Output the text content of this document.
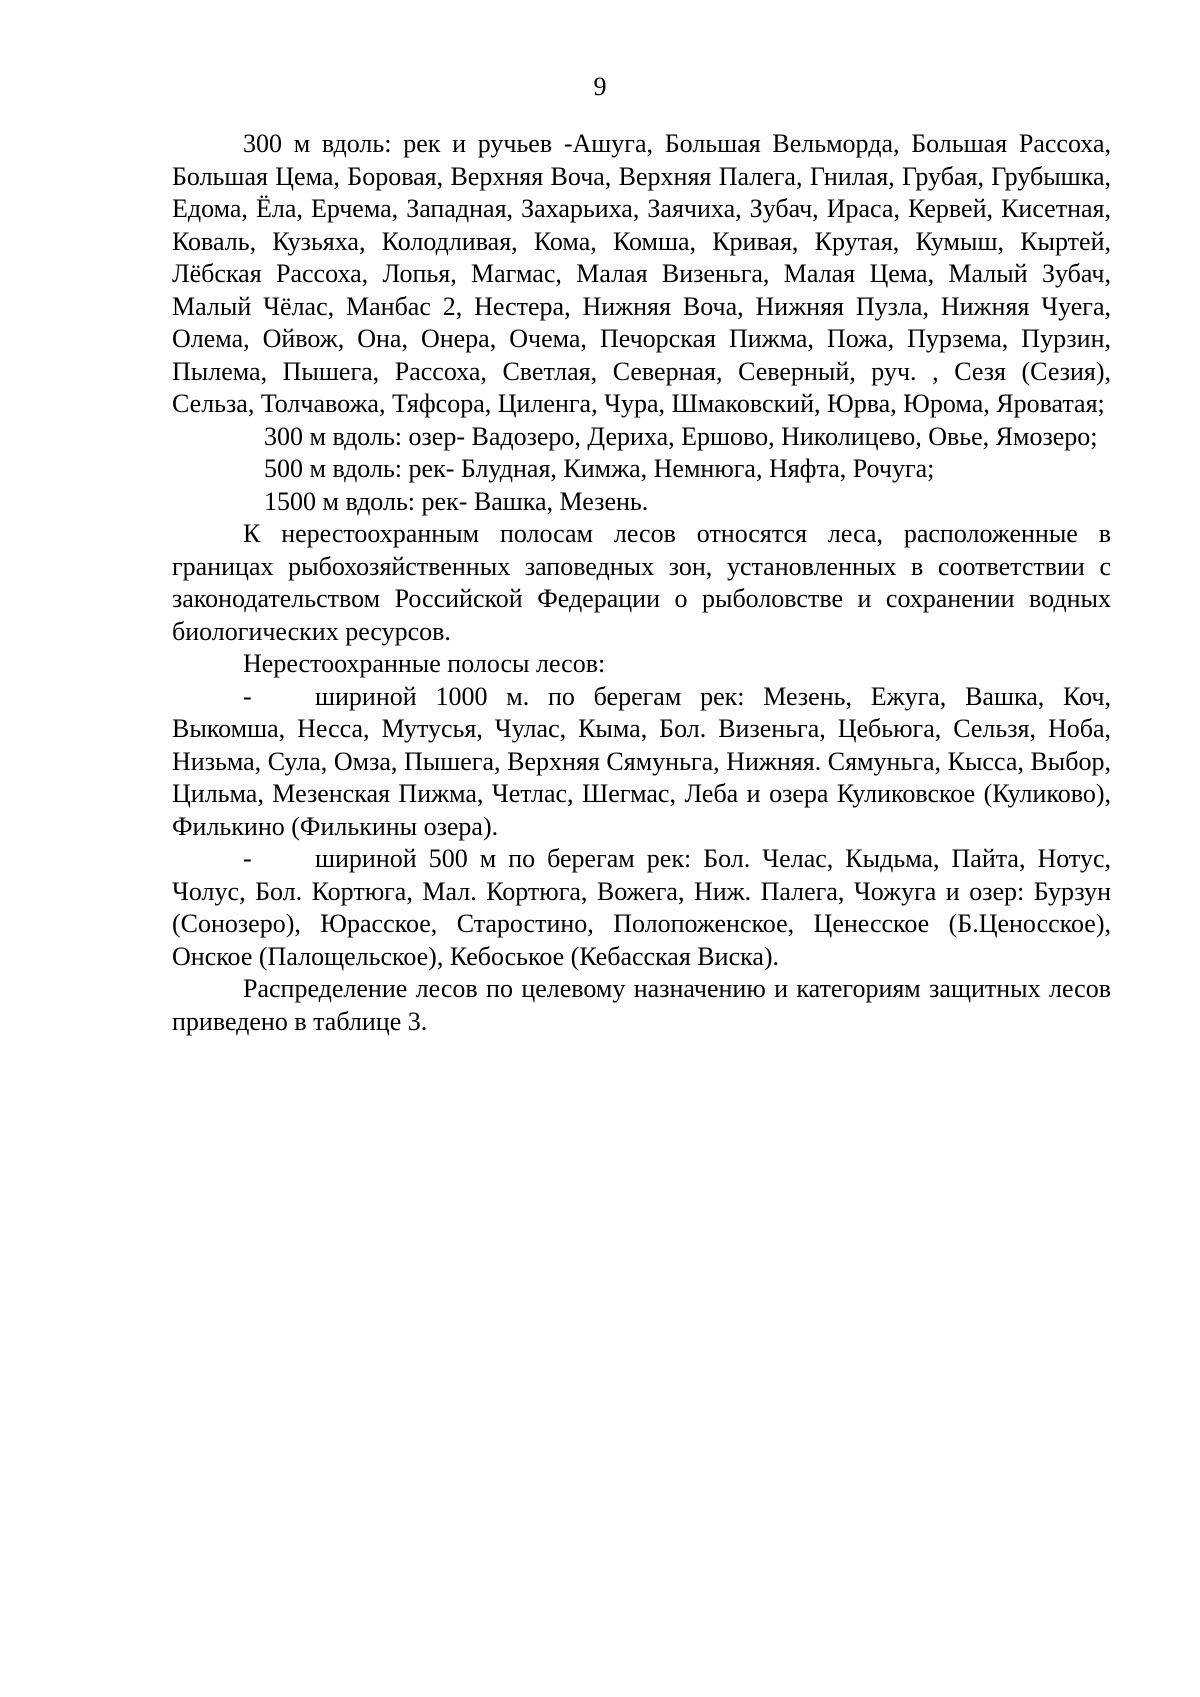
9

300 м вдоль: рек и ручьев -Ашуга, Большая Вельморда, Большая Рассоха, Большая Цема, Боровая, Верхняя Воча, Верхняя Палега, Гнилая, Грубая, Грубышка, Едома, Ёла, Ерчема, Западная, Захарьиха, Заячиха, Зубач, Ираса, Кервей, Кисетная, Коваль, Кузьяха, Колодливая, Кома, Комша, Кривая, Крутая, Кумыш, Кыртей, Лёбская Рассоха, Лопья, Магмас, Малая Визеньга, Малая Цема, Малый Зубач, Малый Чёлас, Манбас 2, Нестера, Нижняя Воча, Нижняя Пузла, Нижняя Чуега, Олема, Ойвож, Она, Онера, Очема, Печорская Пижма, Пожа, Пурзема, Пурзин, Пылема, Пышега, Рассоха, Светлая, Северная, Северный, руч. , Сезя (Сезия), Сельза, Толчавожа, Тяфсора, Циленга, Чура, Шмаковский, Юрва, Юрома, Яроватая;

300 м вдоль: озер- Вадозеро, Дериха, Ершово, Николицево, Овье, Ямозеро;

500 м вдоль: рек- Блудная, Кимжа, Немнюга, Няфта, Рочуга;

1500 м вдоль: рек- Вашка, Мезень.

К нерестоохранным полосам лесов относятся леса, расположенные в границах рыбохозяйственных заповедных зон, установленных в соответствии с законодательством Российской Федерации о рыболовстве и сохранении водных биологических ресурсов.

Нерестоохранные полосы лесов:

- шириной 1000 м. по берегам рек: Мезень, Ежуга, Вашка, Коч, Выкомша, Несса, Мутусья, Чулас, Кыма, Бол. Визеньга, Цебьюга, Сельзя, Ноба, Низьма, Сула, Омза, Пышега, Верхняя Сямуньга, Нижняя. Сямуньга, Кысса, Выбор, Цильма, Мезенская Пижма, Четлас, Шегмас, Леба и озера Куликовское (Куликово), Филькино (Филькины озера).

- шириной 500 м по берегам рек: Бол. Челас, Кыдьма, Пайта, Нотус, Чолус, Бол. Кортюга, Мал. Кортюга, Вожега, Ниж. Палега, Чожуга и озер: Бурзун (Сонозеро), Юрасское, Старостино, Полопоженское, Ценесское (Б.Ценосское), Онское (Палощельское), Кебоськое (Кебасская Виска).

Распределение лесов по целевому назначению и категориям защитных лесов приведено в таблице 3.
